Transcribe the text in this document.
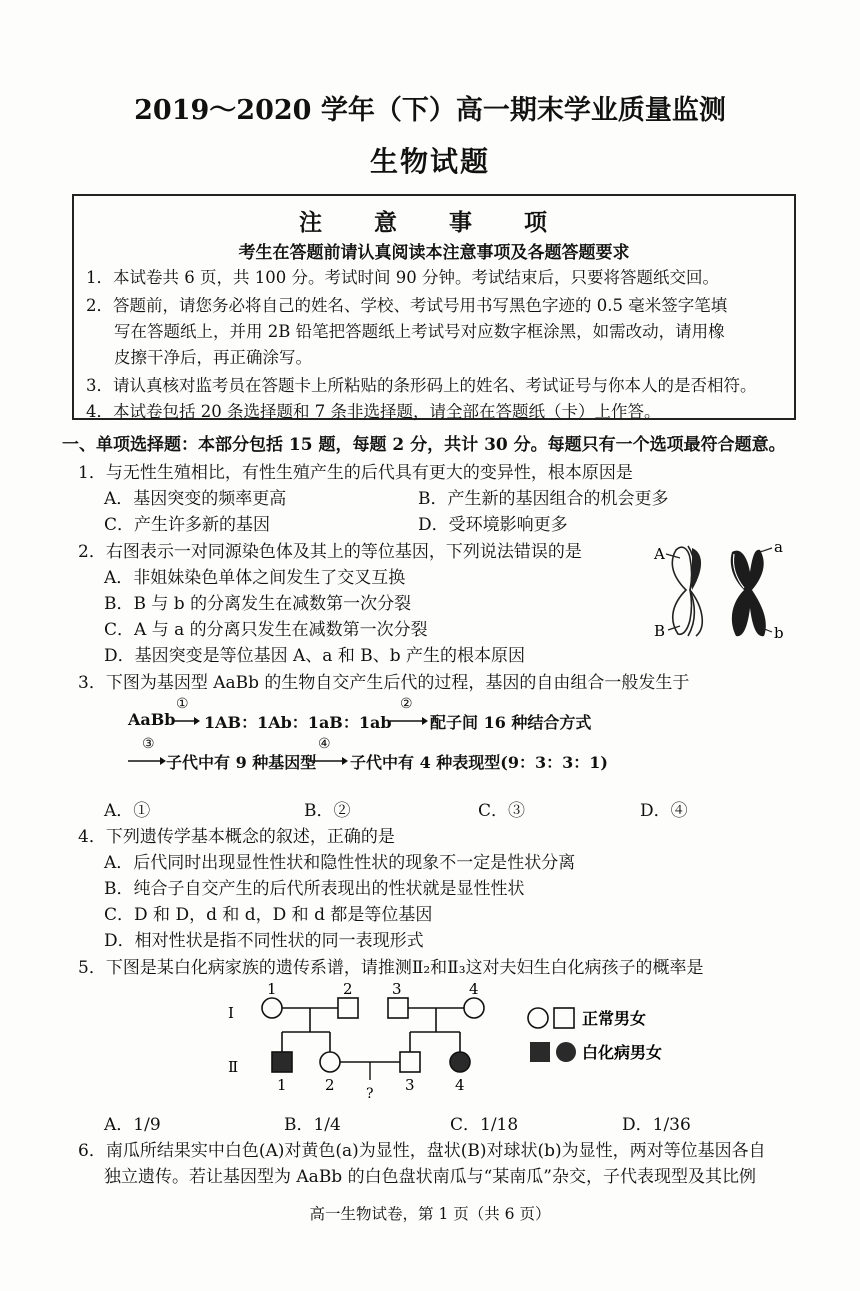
2019～2020 学年（下）高一期末学业质量监测
生物试题
注 意 事 项
考生在答题前请认真阅读本注意事项及各题答题要求
1．本试卷共 6 页，共 100 分。考试时间 90 分钟。考试结束后，只要将答题纸交回。
2．答题前，请您务必将自己的姓名、学校、考试号用书写黑色字迹的 0.5 毫米签字笔填
写在答题纸上，并用 2B 铅笔把答题纸上考试号对应数字框涂黑，如需改动，请用橡
皮擦干净后，再正确涂写。
3．请认真核对监考员在答题卡上所粘贴的条形码上的姓名、考试证号与你本人的是否相符。
4．本试卷包括 20 条选择题和 7 条非选择题，请全部在答题纸（卡）上作答。
一、单项选择题：本部分包括 15 题，每题 2 分，共计 30 分。每题只有一个选项最符合题意。
1．与无性生殖相比，有性生殖产生的后代具有更大的变异性，根本原因是
A．基因突变的频率更高	B．产生新的基因组合的机会更多
C．产生许多新的基因	D．受环境影响更多
2．右图表示一对同源染色体及其上的等位基因，下列说法错误的是
A．非姐妹染色单体之间发生了交叉互换
B．B 与 b 的分离发生在减数第一次分裂
C．A 与 a 的分离只发生在减数第一次分裂
D．基因突变是等位基因 A、a 和 B、b 产生的根本原因
A	a
B	b
3．下图为基因型 AaBb 的生物自交产生后代的过程，基因的自由组合一般发生于
AaBb
①
1AB：1Ab：1aB：1ab
②
配子间 16 种结合方式
③
子代中有 9 种基因型
④
子代中有 4 种表现型(9：3：3：1)
A．①	B．②	C．③	D．④
4．下列遗传学基本概念的叙述，正确的是
A．后代同时出现显性性状和隐性性状的现象不一定是性状分离
B．纯合子自交产生的后代所表现出的性状就是显性性状
C．D 和 D，d 和 d，D 和 d 都是等位基因
D．相对性状是指不同性状的同一表现形式
5．下图是某白化病家族的遗传系谱，请推测Ⅱ₂和Ⅱ₃这对夫妇生白化病孩子的概率是
Ⅰ
Ⅱ
1	2	3	4
1	2 ? 3	4
正常男女
白化病男女
A．1/9	B．1/4	C．1/18	D．1/36
6．南瓜所结果实中白色(A)对黄色(a)为显性，盘状(B)对球状(b)为显性，两对等位基因各自
独立遗传。若让基因型为 AaBb 的白色盘状南瓜与“某南瓜”杂交，子代表现型及其比例
高一生物试卷，第 1 页（共 6 页）
